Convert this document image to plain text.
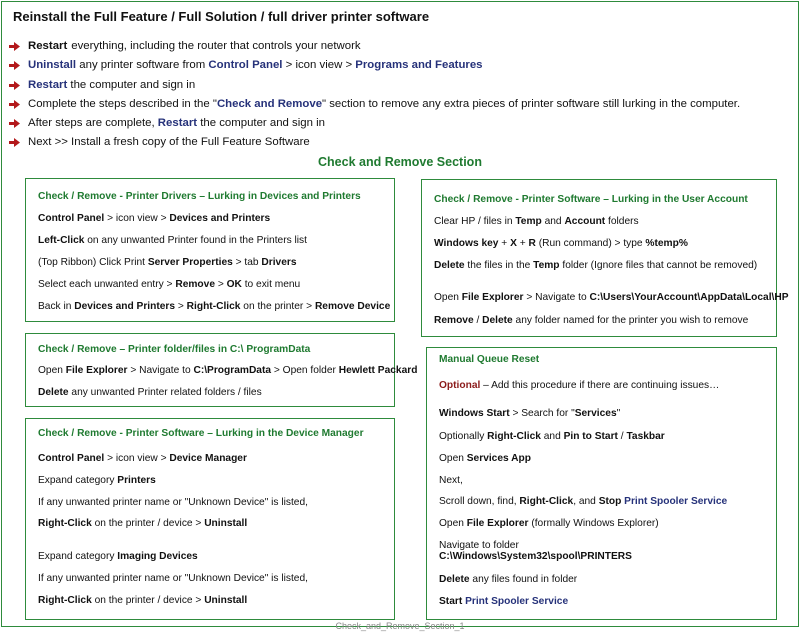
Reinstall the Full Feature / Full Solution / full driver printer software
Restart everything, including the router that controls your network
Uninstall any printer software from Control Panel > icon view > Programs and Features
Restart the computer and sign in
Complete the steps described in the "Check and Remove" section to remove any extra pieces of printer software still lurking in the computer.
After steps are complete, Restart the computer and sign in
Next >> Install a fresh copy of the Full Feature Software
Check and Remove Section
Check / Remove - Printer Drivers – Lurking in Devices and Printers
Control Panel > icon view > Devices and Printers
Left-Click on any unwanted Printer found in the Printers list
(Top Ribbon) Click Print Server Properties > tab Drivers
Select each unwanted entry > Remove > OK to exit menu
Back in Devices and Printers > Right-Click on the printer > Remove Device
Check / Remove – Printer folder/files in C:\ ProgramData
Open File Explorer > Navigate to C:\ProgramData > Open folder Hewlett Packard
Delete any unwanted Printer related folders / files
Check / Remove - Printer Software – Lurking in the Device Manager
Control Panel > icon view > Device Manager
Expand category Printers
If any unwanted printer name or "Unknown Device" is listed,
Right-Click on the printer / device > Uninstall
Expand category Imaging Devices
If any unwanted printer name or "Unknown Device" is listed,
Right-Click on the printer / device > Uninstall
Check / Remove - Printer Software – Lurking in the User Account
Clear HP / files in Temp and Account folders
Windows key + X + R (Run command) > type %temp%
Delete the files in the Temp folder (Ignore files that cannot be removed)
Open File Explorer > Navigate to C:\Users\YourAccount\AppData\Local\HP
Remove / Delete any folder named for the printer you wish to remove
Manual Queue Reset
Optional – Add this procedure if there are continuing issues…
Windows Start > Search for "Services"
Optionally Right-Click and Pin to Start / Taskbar
Open Services App
Next,
Scroll down, find, Right-Click, and Stop Print Spooler Service
Open File Explorer (formally Windows Explorer)
Navigate to folder
C:\Windows\System32\spool\PRINTERS
Delete any files found in folder
Start Print Spooler Service
Check_and_Remove_Section_1
